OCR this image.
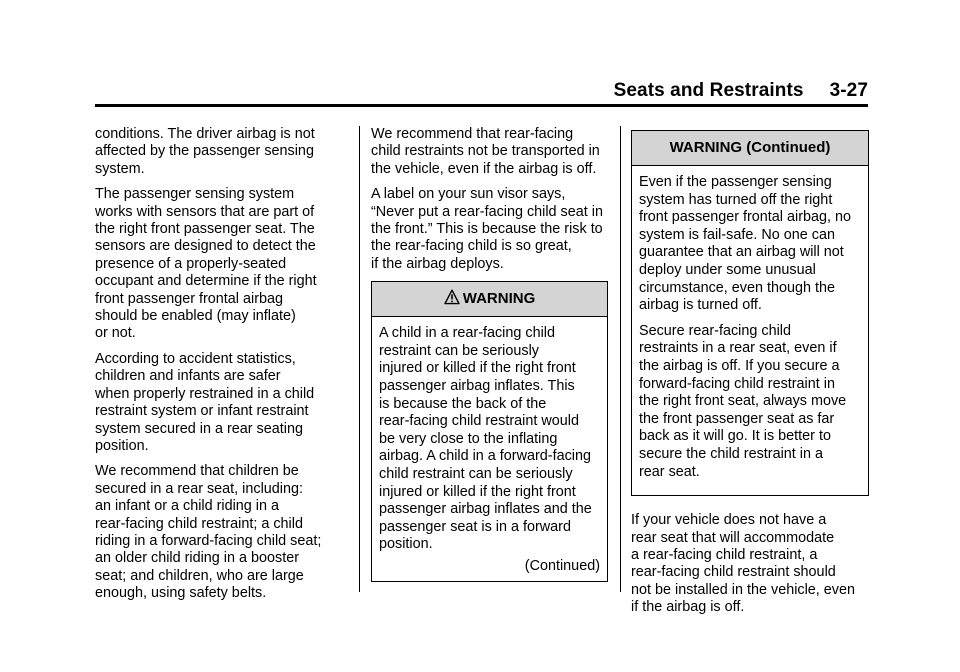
Seats and Restraints 3-27

conditions. The driver airbag is not
affected by the passenger sensing
system.

The passenger sensing system
works with sensors that are part of
the right front passenger seat. The
sensors are designed to detect the
presence of a properly-seated
occupant and determine if the right
front passenger frontal airbag
should be enabled (may inflate)
or not.

According to accident statistics,
children and infants are safer
when properly restrained in a child
restraint system or infant restraint
system secured in a rear seating
position.

We recommend that children be
secured in a rear seat, including:
an infant or a child riding in a
rear-facing child restraint; a child
riding in a forward-facing child seat;
an older child riding in a booster
seat; and children, who are large
enough, using safety belts.

We recommend that rear-facing
child restraints not be transported in
the vehicle, even if the airbag is off.

A label on your sun visor says,
“Never put a rear-facing child seat in
the front.” This is because the risk to
the rear-facing child is so great,
if the airbag deploys.

WARNING

A child in a rear-facing child
restraint can be seriously
injured or killed if the right front
passenger airbag inflates. This
is because the back of the
rear-facing child restraint would
be very close to the inflating
airbag. A child in a forward-facing
child restraint can be seriously
injured or killed if the right front
passenger airbag inflates and the
passenger seat is in a forward
position.

(Continued)
WARNING (Continued)

Even if the passenger sensing
system has turned off the right
front passenger frontal airbag, no
system is fail-safe. No one can
guarantee that an airbag will not
deploy under some unusual
circumstance, even though the
airbag is turned off.

Secure rear-facing child
restraints in a rear seat, even if
the airbag is off. If you secure a
forward-facing child restraint in
the right front seat, always move
the front passenger seat as far
back as it will go. It is better to
secure the child restraint in a
rear seat.

If your vehicle does not have a
rear seat that will accommodate
a rear-facing child restraint, a
rear-facing child restraint should
not be installed in the vehicle, even
if the airbag is off.
